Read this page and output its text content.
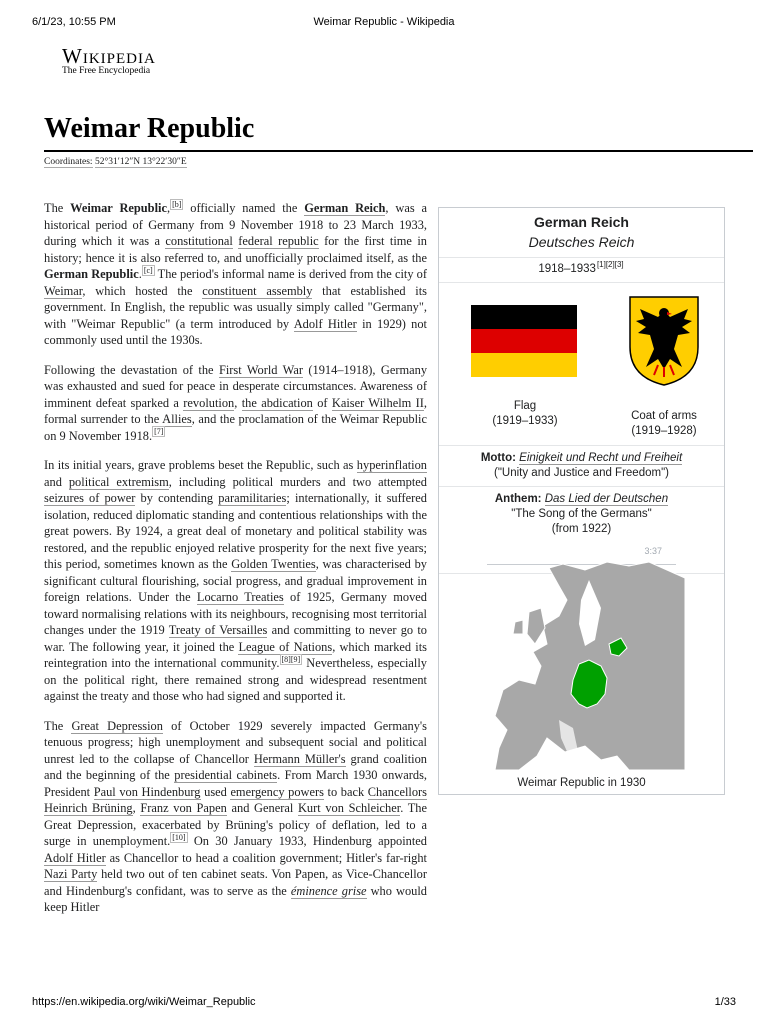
6/1/23, 10:55 PM	Weimar Republic - Wikipedia
Wikipedia
The Free Encyclopedia
Weimar Republic
Coordinates: 52°31′12″N 13°22′30″E

The Weimar Republic, [b] officially named the German Reich, was a historical period of Germany from 9 November 1918 to 23 March 1933, during which it was a constitutional federal republic for the first time in history; hence it is also referred to, and unofficially proclaimed itself, as the German Republic. [c] The period's informal name is derived from the city of Weimar, which hosted the constituent assembly that established its government. In English, the republic was usually simply called "Germany", with "Weimar Republic" (a term introduced by Adolf Hitler in 1929) not commonly used until the 1930s.

Following the devastation of the First World War (1914–1918), Germany was exhausted and sued for peace in desperate circumstances. Awareness of imminent defeat sparked a revolution, the abdication of Kaiser Wilhelm II, formal surrender to the Allies, and the proclamation of the Weimar Republic on 9 November 1918. [7]

In its initial years, grave problems beset the Republic, such as hyperinflation and political extremism, including political murders and two attempted seizures of power by contending paramilitaries; internationally, it suffered isolation, reduced diplomatic standing and contentious relationships with the great powers. By 1924, a great deal of monetary and political stability was restored, and the republic enjoyed relative prosperity for the next five years; this period, sometimes known as the Golden Twenties, was characterised by significant cultural flourishing, social progress, and gradual improvement in foreign relations. Under the Locarno Treaties of 1925, Germany moved toward normalising relations with its neighbours, recognising most territorial changes under the 1919 Treaty of Versailles and committing to never go to war. The following year, it joined the League of Nations, which marked its reintegration into the international community. [8][9] Nevertheless, especially on the political right, there remained strong and widespread resentment against the treaty and those who had signed and supported it.

The Great Depression of October 1929 severely impacted Germany's tenuous progress; high unemployment and subsequent social and political unrest led to the collapse of Chancellor Hermann Müller's grand coalition and the beginning of the presidential cabinets. From March 1930 onwards, President Paul von Hindenburg used emergency powers to back Chancellors Heinrich Brüning, Franz von Papen and General Kurt von Schleicher. The Great Depression, exacerbated by Brüning's policy of deflation, led to a surge in unemployment. [10] On 30 January 1933, Hindenburg appointed Adolf Hitler as Chancellor to head a coalition government; Hitler's far-right Nazi Party held two out of ten cabinet seats. Von Papen, as Vice-Chancellor and Hindenburg's confidant, was to serve as the éminence grise who would keep Hitler

German Reich
Deutsches Reich
1918–1933[1][2][3]
Flag
(1919–1933)	Coat of arms
(1919–1928)
Motto: Einigkeit und Recht und Freiheit
("Unity and Justice and Freedom")
Anthem: Das Lied der Deutschen
"The Song of the Germans"
(from 1922)
3:37
Weimar Republic in 1930
https://en.wikipedia.org/wiki/Weimar_Republic	1/33
